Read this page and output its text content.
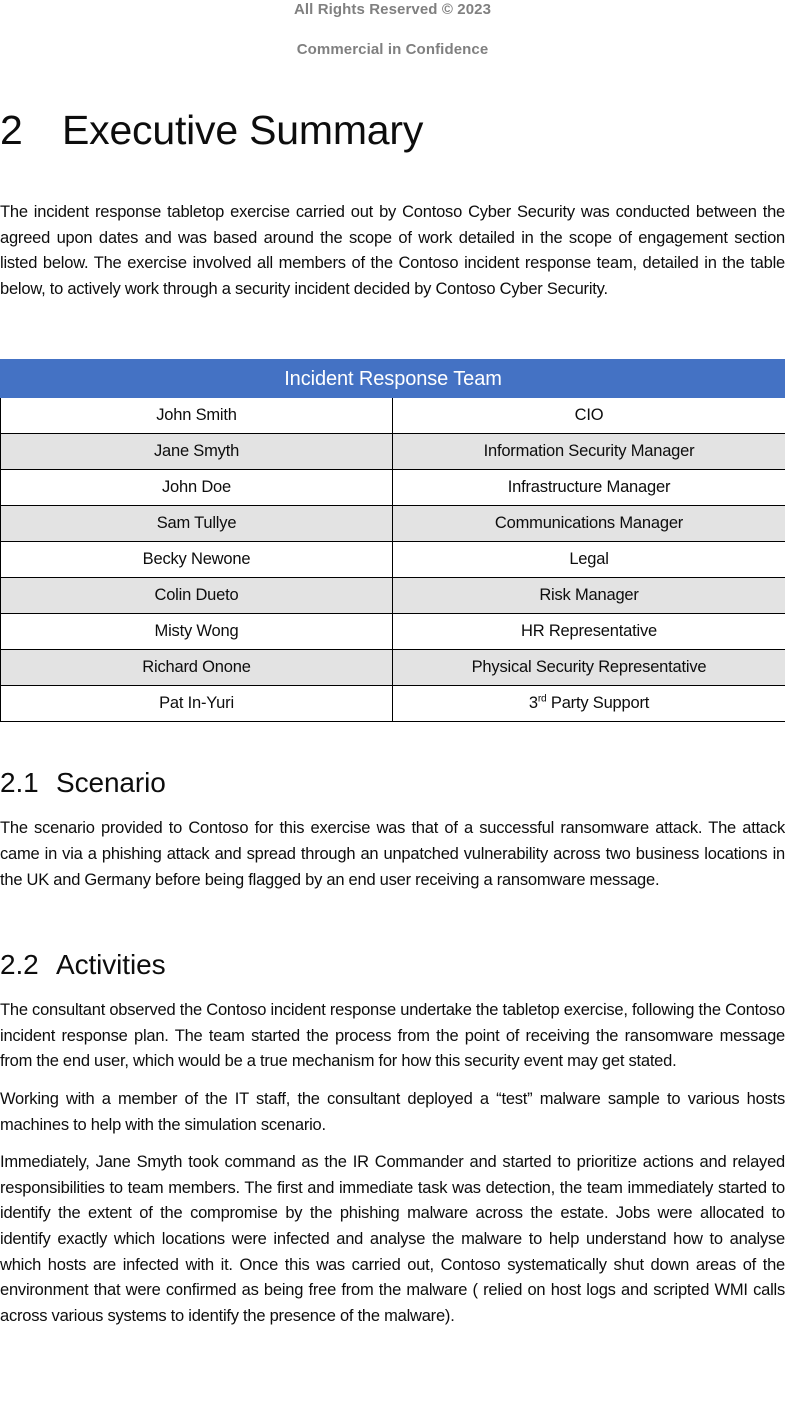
All Rights Reserved © 2023
Commercial in Confidence
2 Executive Summary

The incident response tabletop exercise carried out by Contoso Cyber Security was conducted between the agreed upon dates and was based around the scope of work detailed in the scope of engagement section listed below. The exercise involved all members of the Contoso incident response team, detailed in the table below, to actively work through a security incident decided by Contoso Cyber Security.

Incident Response Team	
John Smith	CIO
Jane Smyth	Information Security Manager
John Doe	Infrastructure Manager
Sam Tullye	Communications Manager
Becky Newone	Legal
Colin Dueto	Risk Manager
Misty Wong	HR Representative
Richard Onone	Physical Security Representative
Pat In-Yuri	3rd Party Support
2.1 Scenario

The scenario provided to Contoso for this exercise was that of a successful ransomware attack. The attack came in via a phishing attack and spread through an unpatched vulnerability across two business locations in the UK and Germany before being flagged by an end user receiving a ransomware message.

2.2 Activities

The consultant observed the Contoso incident response undertake the tabletop exercise, following the Contoso incident response plan. The team started the process from the point of receiving the ransomware message from the end user, which would be a true mechanism for how this security event may get stated.

Working with a member of the IT staff, the consultant deployed a “test” malware sample to various hosts machines to help with the simulation scenario.

Immediately, Jane Smyth took command as the IR Commander and started to prioritize actions and relayed responsibilities to team members. The first and immediate task was detection, the team immediately started to identify the extent of the compromise by the phishing malware across the estate. Jobs were allocated to identify exactly which locations were infected and analyse the malware to help understand how to analyse which hosts are infected with it. Once this was carried out, Contoso systematically shut down areas of the environment that were confirmed as being free from the malware ( relied on host logs and scripted WMI calls across various systems to identify the presence of the malware).
